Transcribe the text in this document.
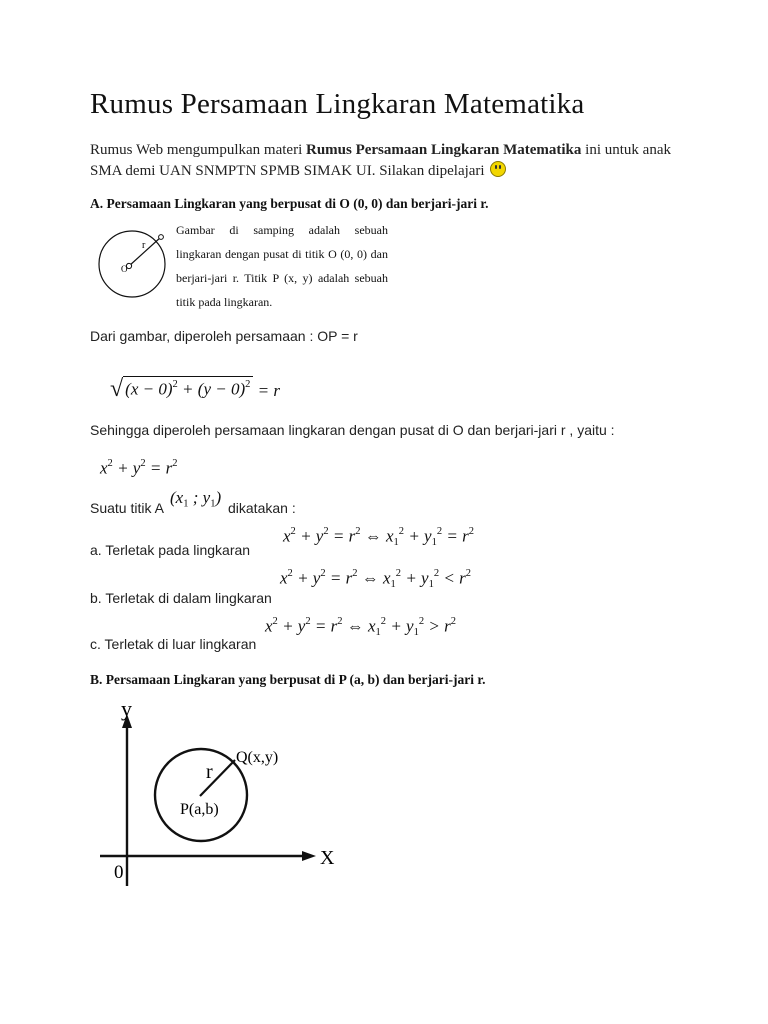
Rumus Persamaan Lingkaran Matematika
Rumus Web mengumpulkan materi Rumus Persamaan Lingkaran Matematika ini untuk anak SMA demi UAN SNMPTN SPMB SIMAK UI. Silakan dipelajari
A. Persamaan Lingkaran yang berpusat di O (0, 0) dan berjari-jari r.
O
r
Gambar di samping adalah sebuah lingkaran dengan pusat di titik O (0, 0) dan berjari-jari r. Titik P (x, y) adalah sebuah titik pada lingkaran.

Dari gambar, diperoleh persamaan : OP = r

√ $(x - 0)^2 + (y - 0)^2 = r$

Sehingga diperoleh persamaan lingkaran dengan pusat di O dan berjari-jari r , yaitu :

$x^2 + y^2 = r^2$

Suatu titik A

($x_1$ ; $y_1$)

dikatakan :

a. Terletak pada lingkaran

$x^2 + y^2 = r^2$ ⇔ $x_1^2 + y_1^2 = r^2$

b. Terletak di dalam lingkaran

$x^2 + y^2 = r^2$ ⇔ $x_1^2 + y_1^2 < r^2$

c. Terletak di luar lingkaran

$x^2 + y^2 = r^2$ ⇔ $x_1^2 + y_1^2 > r^2$
B. Persamaan Lingkaran yang berpusat di P (a, b) dan berjari-jari r.
y
X
0
Q(x,y)
r
P(a,b)
